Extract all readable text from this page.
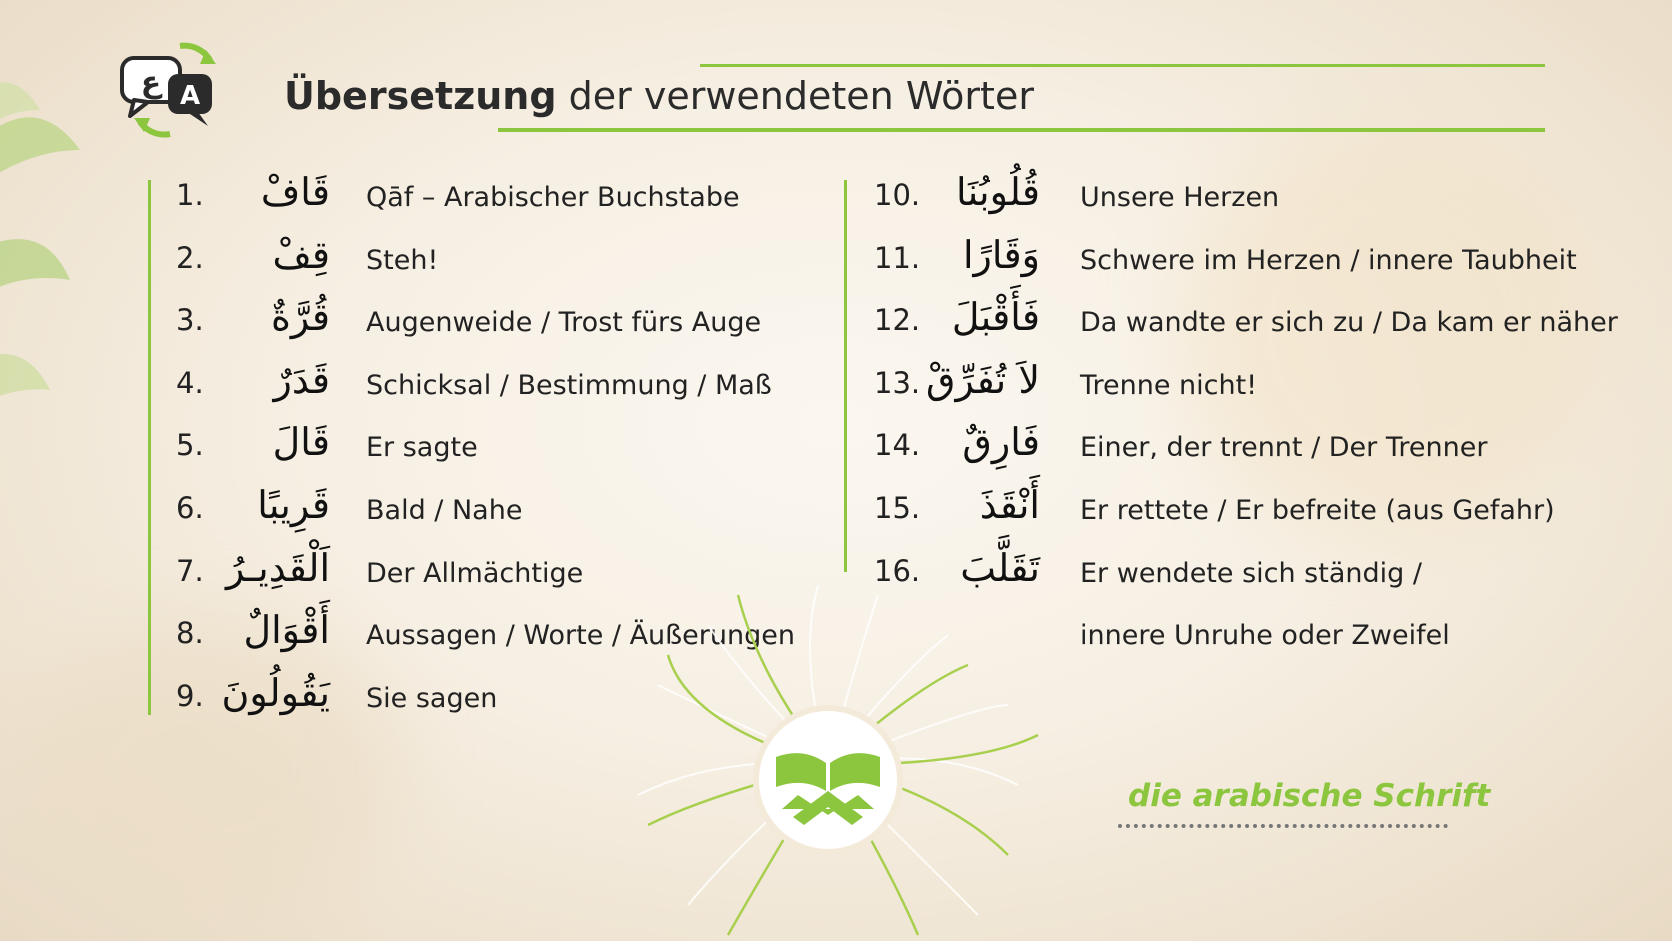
ع A Übersetzung der verwendeten Wörter
1.	قَافْ Qāf – Arabischer Buchstabe
2.	قِفْ Steh!
3.	قُرَّةٌ Augenweide / Trost fürs Auge
4.	قَدَرٌ Schicksal / Bestimmung / Maß
5.	قَالَ Er sagte
6.	قَرِيبًا Bald / Nahe
7. اَلْقَدِيـرُ Der Allmächtige
8.	أَقْوَالٌ Aussagen / Worte / Äußerungen
9. يَقُولُونَ Sie sagen
10. قُلُوبُنَا Unsere Herzen
11.	وَقَارًا Schwere im Herzen / innere Taubheit
12. فَأَقْبَلَ Da wandte er sich zu / Da kam er näher
13. لاَ تُفَرِّقْ Trenne nicht!
14.	فَارِقٌ Einer, der trennt / Der Trenner
15.	أَنْقَذَ Er rettete / Er befreite (aus Gefahr)
16.	تَقَلَّبَ Er wendete sich ständig /
innere Unruhe oder Zweifel
die arabische Schrift
